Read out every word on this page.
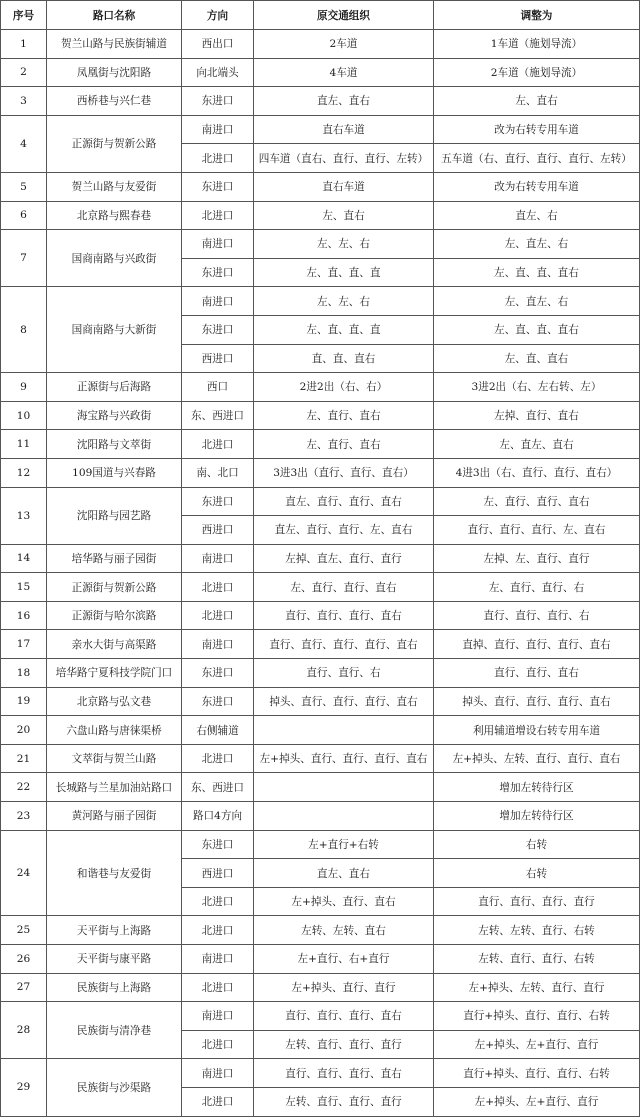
序号	路口名称	方向	原交通组织	调整为
1	贺兰山路与民族街辅道	西出口	2车道	1车道（施划导流）
2	凤凰街与沈阳路	向北端头	4车道	2车道（施划导流）
3	西桥巷与兴仁巷	东进口	直左、直右	左、直右
4	正源街与贺新公路	南进口	直右车道	改为右转专用车道
		北进口	四车道（直右、直行、直行、左转）	五车道（右、直行、直行、直行、左转）
5	贺兰山路与友爱街	东进口	直右车道	改为右转专用车道
6	北京路与熙春巷	北进口	左、直右	直左、右
7	国商南路与兴政街	南进口	左、左、右	左、直左、右
		东进口	左、直、直、直	左、直、直、直右
8	国商南路与大新街	南进口	左、左、右	左、直左、右
		东进口	左、直、直、直	左、直、直、直右
		西进口	直、直、直右	左、直、直右
9	正源街与后海路	西口	2进2出（右、右）	3进2出（右、左右转、左）
10	海宝路与兴政街	东、西进口	左、直行、直右	左掉、直行、直右
11	沈阳路与文萃街	北进口	左、直行、直右	左、直左、直右
12	109国道与兴春路	南、北口	3进3出（直行、直行、直右）	4进3出（右、直行、直行、直右）
13	沈阳路与园艺路	东进口	直左、直行、直行、直右	左、直行、直行、直右
		西进口	直左、直行、直行、左、直右	直行、直行、直行、左、直右
14	培华路与丽子园街	南进口	左掉、直左、直行、直行	左掉、左、直行、直行
15	正源街与贺新公路	北进口	左、直行、直行、直右	左、直行、直行、右
16	正源街与哈尔滨路	北进口	直行、直行、直行、直右	直行、直行、直行、右
17	亲水大街与高渠路	南进口	直行、直行、直行、直行、直右	直掉、直行、直行、直行、直右
18	培华路宁夏科技学院门口	东进口	直行、直行、右	直行、直行、直右
19	北京路与弘文巷	东进口	掉头、直行、直行、直行、直右	掉头、直行、直行、直行、直右
20	六盘山路与唐徕渠桥	右侧辅道		利用辅道增设右转专用车道
21	文萃街与贺兰山路	北进口	左+掉头、直行、直行、直行、直右	左+掉头、左转、直行、直行、直右
22	长城路与兰星加油站路口	东、西进口		增加左转待行区
23	黄河路与丽子园街	路口4方向		增加左转待行区
24	和谐巷与友爱街	东进口	左+直行+右转	右转
		西进口	直左、直右	右转
		北进口	左+掉头、直行、直右	直行、直行、直行、直行
25	天平街与上海路	北进口	左转、左转、直右	左转、左转、直行、右转
26	天平街与康平路	南进口	左+直行、右+直行	左转、直行、直行、右转
27	民族街与上海路	北进口	左+掉头、直行、直行	左+掉头、左转、直行、直行
28	民族街与清净巷	南进口	直行、直行、直行、直右	直行+掉头、直行、直行、右转
		北进口	左转、直行、直行、直行	左+掉头、左+直行、直行
29	民族街与沙渠路	南进口	直行、直行、直行、直右	直行+掉头、直行、直行、右转
		北进口	左转、直行、直行、直行	左+掉头、左+直行、直行
